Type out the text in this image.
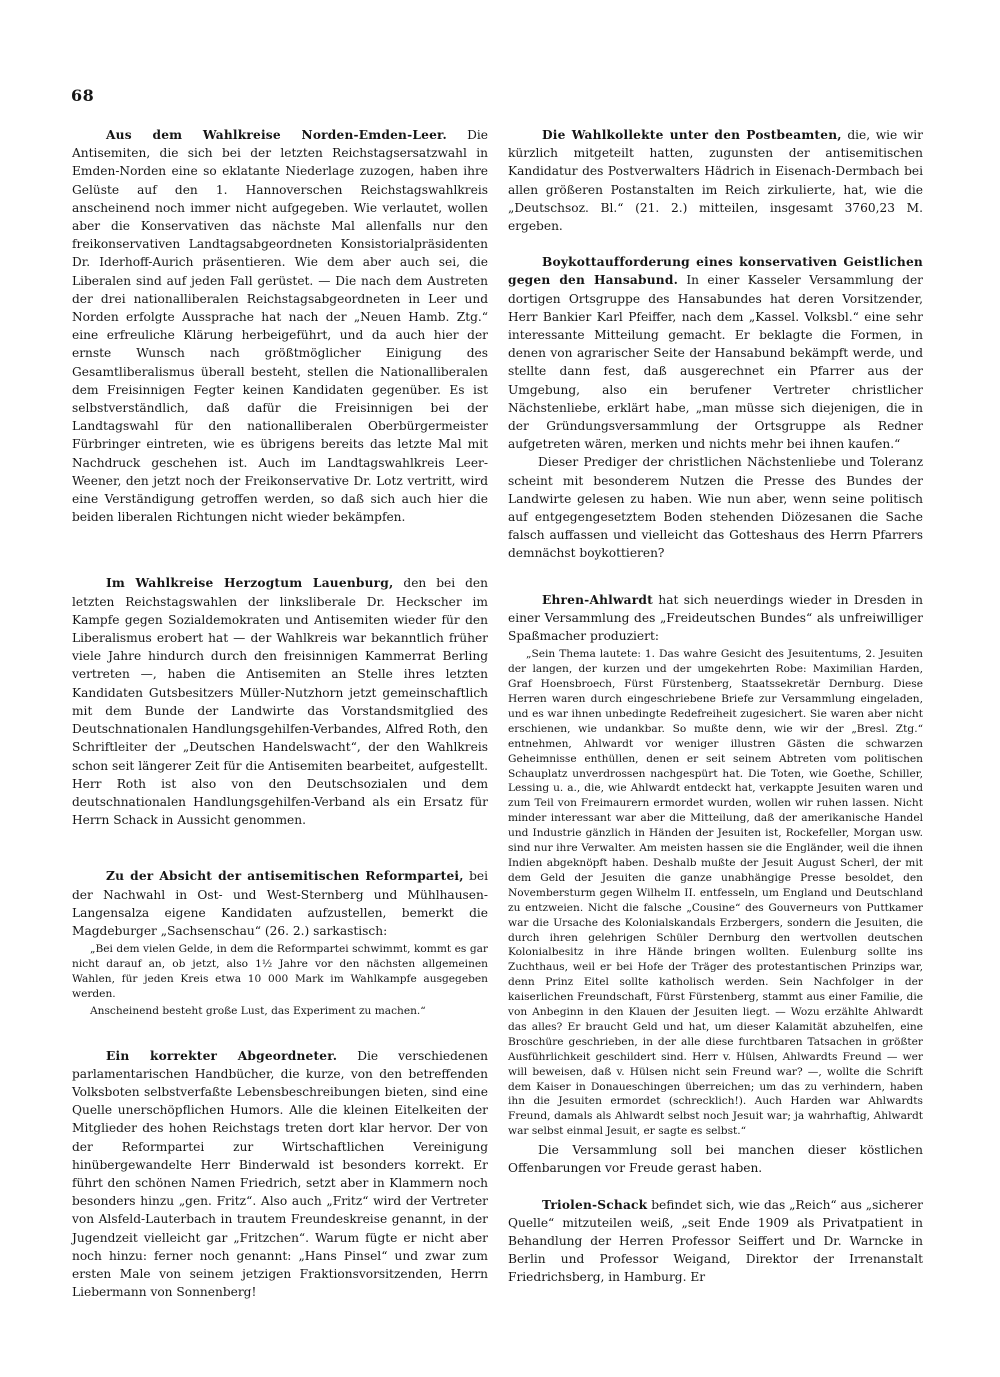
68

Aus dem Wahlkreise Norden-Emden-Leer. Die Antisemiten, die sich bei der letzten Reichstagsersatzwahl in Emden-Norden eine so eklatante Niederlage zuzogen, haben ihre Gelüste auf den 1. Hannoverschen Reichstagswahlkreis anscheinend noch immer nicht aufgegeben. Wie verlautet, wollen aber die Konservativen das nächste Mal allenfalls nur den freikonservativen Landtagsabgeordneten Konsistorialpräsidenten Dr. Iderhoff-Aurich präsentieren. Wie dem aber auch sei, die Liberalen sind auf jeden Fall gerüstet. — Die nach dem Austreten der drei nationalliberalen Reichstagsabgeordneten in Leer und Norden erfolgte Aussprache hat nach der „Neuen Hamb. Ztg.“ eine erfreuliche Klärung herbeigeführt, und da auch hier der ernste Wunsch nach größtmöglicher Einigung des Gesamtliberalismus überall besteht, stellen die Nationalliberalen dem Freisinnigen Fegter keinen Kandidaten gegenüber. Es ist selbstverständlich, daß dafür die Freisinnigen bei der Landtagswahl für den nationalliberalen Oberbürgermeister Fürbringer eintreten, wie es übrigens bereits das letzte Mal mit Nachdruck geschehen ist. Auch im Landtagswahlkreis Leer-Weener, den jetzt noch der Freikonservative Dr. Lotz vertritt, wird eine Verständigung getroffen werden, so daß sich auch hier die beiden liberalen Richtungen nicht wieder bekämpfen.

Im Wahlkreise Herzogtum Lauenburg, den bei den letzten Reichstagswahlen der linksliberale Dr. Heckscher im Kampfe gegen Sozialdemokraten und Antisemiten wieder für den Liberalismus erobert hat — der Wahlkreis war bekanntlich früher viele Jahre hindurch durch den freisinnigen Kammerrat Berling vertreten —, haben die Antisemiten an Stelle ihres letzten Kandidaten Gutsbesitzers Müller-Nutzhorn jetzt gemeinschaftlich mit dem Bunde der Landwirte das Vorstandsmitglied des Deutschnationalen Handlungsgehilfen-Verbandes, Alfred Roth, den Schriftleiter der „Deutschen Handelswacht“, der den Wahlkreis schon seit längerer Zeit für die Antisemiten bearbeitet, aufgestellt. Herr Roth ist also von den Deutschsozialen und dem deutschnationalen Handlungsgehilfen-Verband als ein Ersatz für Herrn Schack in Aussicht genommen.

Zu der Absicht der antisemitischen Reformpartei, bei der Nachwahl in Ost- und West-Sternberg und Mühlhausen-Langensalza eigene Kandidaten aufzustellen, bemerkt die Magdeburger „Sachsenschau“ (26. 2.) sarkastisch:

„Bei dem vielen Gelde, in dem die Reformpartei schwimmt, kommt es gar nicht darauf an, ob jetzt, also 1½ Jahre vor den nächsten allgemeinen Wahlen, für jeden Kreis etwa 10 000 Mark im Wahlkampfe ausgegeben werden.

Anscheinend besteht große Lust, das Experiment zu machen.“

Ein korrekter Abgeordneter. Die verschiedenen parlamentarischen Handbücher, die kurze, von den betreffenden Volksboten selbstverfaßte Lebensbeschreibungen bieten, sind eine Quelle unerschöpflichen Humors. Alle die kleinen Eitelkeiten der Mitglieder des hohen Reichstags treten dort klar hervor. Der von der Reformpartei zur Wirtschaftlichen Vereinigung hinübergewandelte Herr Binderwald ist besonders korrekt. Er führt den schönen Namen Friedrich, setzt aber in Klammern noch besonders hinzu „gen. Fritz“. Also auch „Fritz“ wird der Vertreter von Alsfeld-Lauterbach in trautem Freundeskreise genannt, in der Jugendzeit vielleicht gar „Fritzchen“. Warum fügte er nicht aber noch hinzu: ferner noch genannt: „Hans Pinsel“ und zwar zum ersten Male von seinem jetzigen Fraktionsvorsitzenden, Herrn Liebermann von Sonnenberg!

Die Wahlkollekte unter den Postbeamten, die, wie wir kürzlich mitgeteilt hatten, zugunsten der antisemitischen Kandidatur des Postverwalters Hädrich in Eisenach-Dermbach bei allen größeren Postanstalten im Reich zirkulierte, hat, wie die „Deutschsoz. Bl.“ (21. 2.) mitteilen, insgesamt 3760,23 M. ergeben.

Boykottaufforderung eines konservativen Geistlichen gegen den Hansabund. In einer Kasseler Versammlung der dortigen Ortsgruppe des Hansabundes hat deren Vorsitzender, Herr Bankier Karl Pfeiffer, nach dem „Kassel. Volksbl.“ eine sehr interessante Mitteilung gemacht. Er beklagte die Formen, in denen von agrarischer Seite der Hansabund bekämpft werde, und stellte dann fest, daß ausgerechnet ein Pfarrer aus der Umgebung, also ein berufener Vertreter christlicher Nächstenliebe, erklärt habe, „man müsse sich diejenigen, die in der Gründungsversammlung der Ortsgruppe als Redner aufgetreten wären, merken und nichts mehr bei ihnen kaufen.“

Dieser Prediger der christlichen Nächstenliebe und Toleranz scheint mit besonderem Nutzen die Presse des Bundes der Landwirte gelesen zu haben. Wie nun aber, wenn seine politisch auf entgegengesetztem Boden stehenden Diözesanen die Sache falsch auffassen und vielleicht das Gotteshaus des Herrn Pfarrers demnächst boykottieren?

Ehren-Ahlwardt hat sich neuerdings wieder in Dresden in einer Versammlung des „Freideutschen Bundes“ als unfreiwilliger Spaßmacher produziert:

„Sein Thema lautete: 1. Das wahre Gesicht des Jesuitentums, 2. Jesuiten der langen, der kurzen und der umgekehrten Robe: Maximilian Harden, Graf Hoensbroech, Fürst Fürstenberg, Staatssekretär Dernburg. Diese Herren waren durch eingeschriebene Briefe zur Versammlung eingeladen, und es war ihnen unbedingte Redefreiheit zugesichert. Sie waren aber nicht erschienen, wie undankbar. So mußte denn, wie wir der „Bresl. Ztg.“ entnehmen, Ahlwardt vor weniger illustren Gästen die schwarzen Geheimnisse enthüllen, denen er seit seinem Abtreten vom politischen Schauplatz unverdrossen nachgespürt hat. Die Toten, wie Goethe, Schiller, Lessing u. a., die, wie Ahlwardt entdeckt hat, verkappte Jesuiten waren und zum Teil von Freimaurern ermordet wurden, wollen wir ruhen lassen. Nicht minder interessant war aber die Mitteilung, daß der amerikanische Handel und Industrie gänzlich in Händen der Jesuiten ist, Rockefeller, Morgan usw. sind nur ihre Verwalter. Am meisten hassen sie die Engländer, weil die ihnen Indien abgeknöpft haben. Deshalb mußte der Jesuit August Scherl, der mit dem Geld der Jesuiten die ganze unabhängige Presse besoldet, den Novembersturm gegen Wilhelm II. entfesseln, um England und Deutschland zu entzweien. Nicht die falsche „Cousine“ des Gouverneurs von Puttkamer war die Ursache des Kolonialskandals Erzbergers, sondern die Jesuiten, die durch ihren gelehrigen Schüler Dernburg den wertvollen deutschen Kolonialbesitz in ihre Hände bringen wollten. Eulenburg sollte ins Zuchthaus, weil er bei Hofe der Träger des protestantischen Prinzips war, denn Prinz Eitel sollte katholisch werden. Sein Nachfolger in der kaiserlichen Freundschaft, Fürst Fürstenberg, stammt aus einer Familie, die von Anbeginn in den Klauen der Jesuiten liegt. — Wozu erzählte Ahlwardt das alles? Er braucht Geld und hat, um dieser Kalamität abzuhelfen, eine Broschüre geschrieben, in der alle diese furchtbaren Tatsachen in größter Ausführlichkeit geschildert sind. Herr v. Hülsen, Ahlwardts Freund — wer will beweisen, daß v. Hülsen nicht sein Freund war? —, wollte die Schrift dem Kaiser in Donaueschingen überreichen; um das zu verhindern, haben ihn die Jesuiten ermordet (schrecklich!). Auch Harden war Ahlwardts Freund, damals als Ahlwardt selbst noch Jesuit war; ja wahrhaftig, Ahlwardt war selbst einmal Jesuit, er sagte es selbst.“

Die Versammlung soll bei manchen dieser köstlichen Offenbarungen vor Freude gerast haben.

Triolen-Schack befindet sich, wie das „Reich“ aus „sicherer Quelle“ mitzuteilen weiß, „seit Ende 1909 als Privatpatient in Behandlung der Herren Professor Seiffert und Dr. Warncke in Berlin und Professor Weigand, Direktor der Irrenanstalt Friedrichsberg, in Hamburg. Er
